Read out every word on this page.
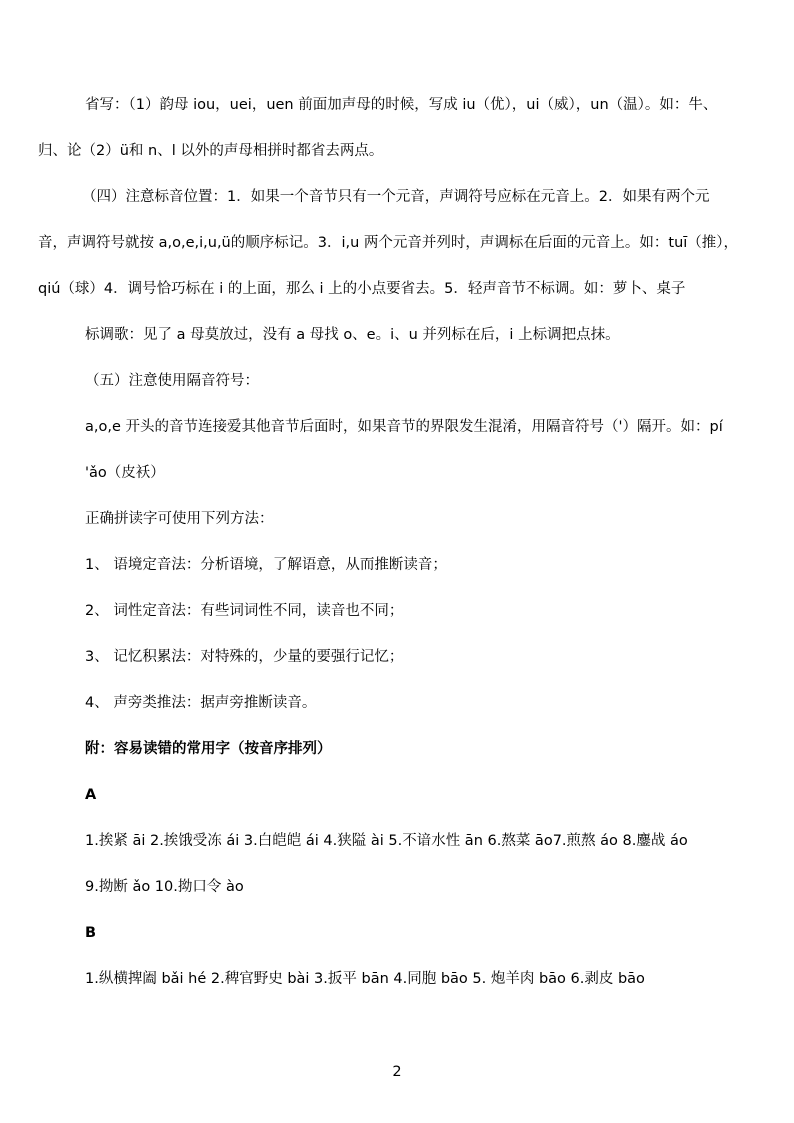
省写：（1）韵母 iou，uei，uen 前面加声母的时候，写成 iu（优），ui（威），un（温）。如：牛、

归、论（2）ü和 n、l 以外的声母相拼时都省去两点。

（四）注意标音位置：1．如果一个音节只有一个元音，声调符号应标在元音上。2．如果有两个元

音，声调符号就按 a,o,e,i,u,ü的顺序标记。3．i,u 两个元音并列时，声调标在后面的元音上。如：tuī（推），

qiú（球）4．调号恰巧标在 i 的上面，那么 i 上的小点要省去。5．轻声音节不标调。如：萝卜、桌子

标调歌：见了 a 母莫放过，没有 a 母找 o、e。i、u 并列标在后，i 上标调把点抹。

（五）注意使用隔音符号：

a,o,e 开头的音节连接爱其他音节后面时，如果音节的界限发生混淆，用隔音符号（'）隔开。如：pí

'ǎo（皮袄）

正确拼读字可使用下列方法：

1、 语境定音法：分析语境，了解语意，从而推断读音；

2、 词性定音法：有些词词性不同，读音也不同；

3、 记忆积累法：对特殊的，少量的要强行记忆；

4、 声旁类推法：据声旁推断读音。

附：容易读错的常用字（按音序排列）

A

1.挨紧 āi 2.挨饿受冻 ái 3.白皑皑 ái 4.狭隘 ài 5.不谙水性 ān 6.熬菜 āo7.煎熬 áo 8.鏖战 áo

9.拗断 ǎo 10.拗口令 ào

B

1.纵横捭阖 bǎi hé 2.稗官野史 bài 3.扳平 bān 4.同胞 bāo 5. 炮羊肉 bāo 6.剥皮 bāo

2
